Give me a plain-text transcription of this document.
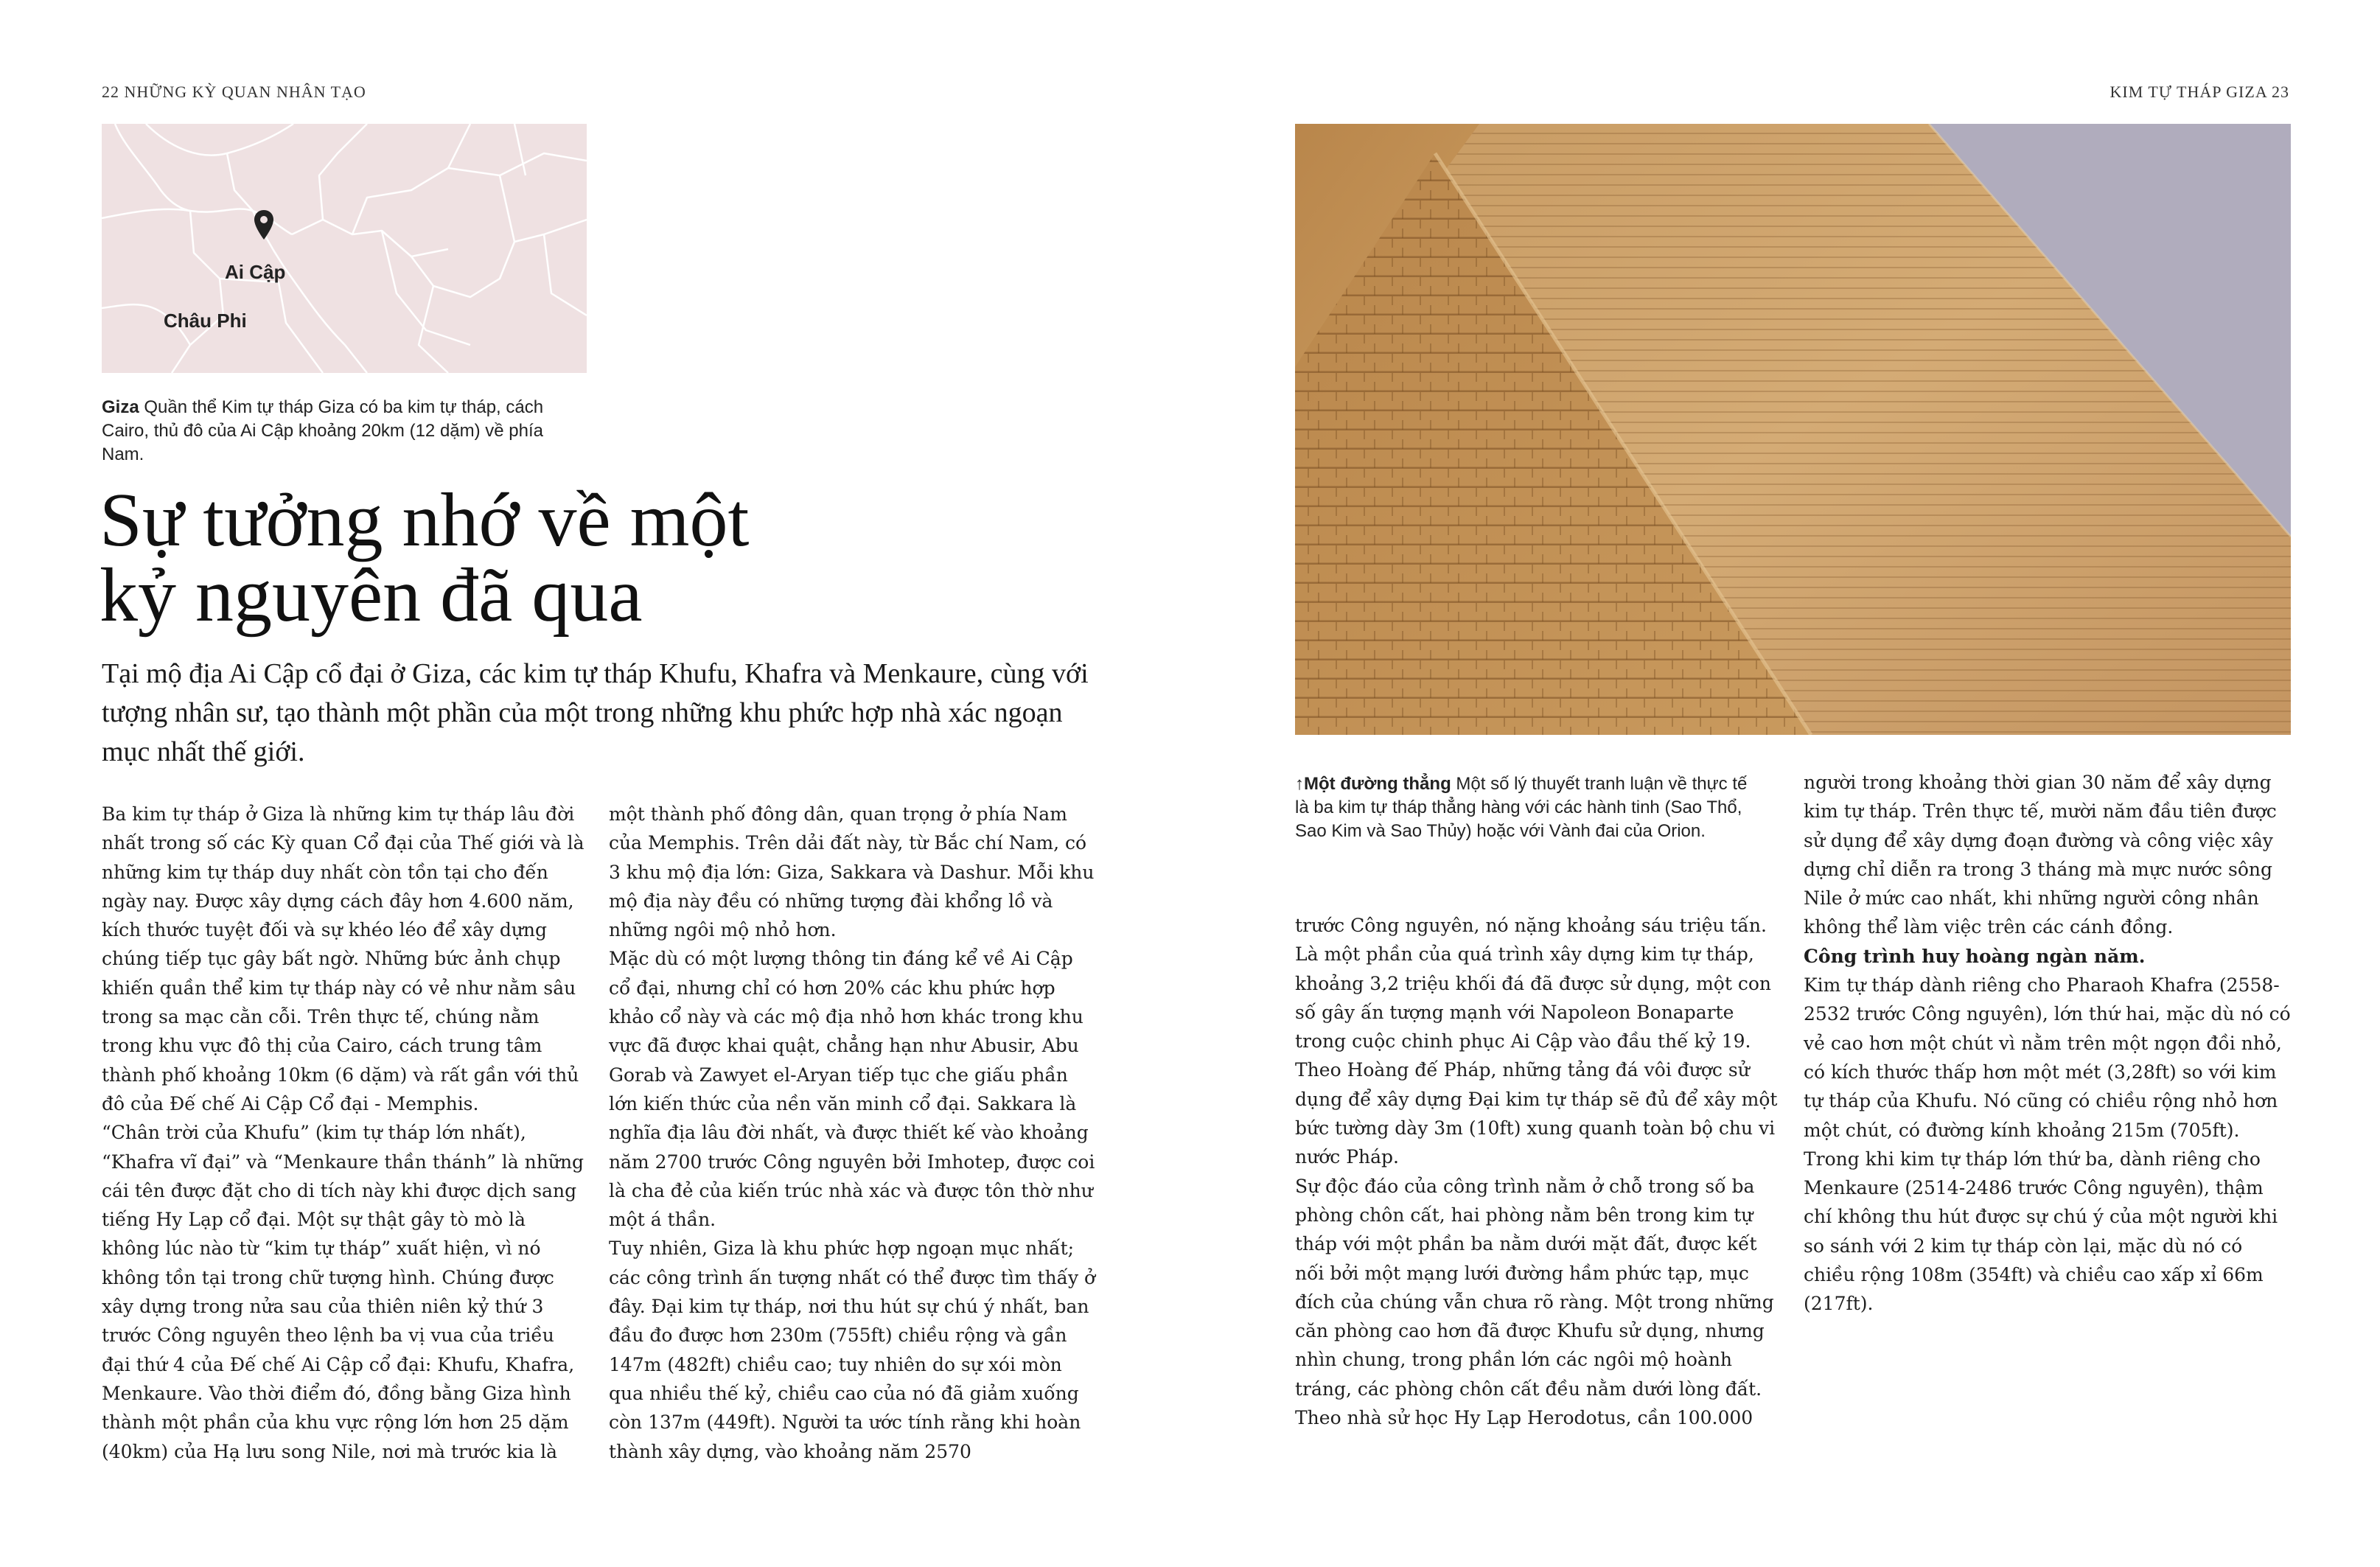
22 NHỮNG KỲ QUAN NHÂN TẠO	KIM TỰ THÁP GIZA 23
Ai Cập
Châu Phi
Giza Quần thể Kim tự tháp Giza có ba kim tự tháp, cách Cairo, thủ đô của Ai Cập khoảng 20km (12 dặm) về phía Nam.
Sự tưởng nhớ về một
kỷ nguyên đã qua

Tại mộ địa Ai Cập cổ đại ở Giza, các kim tự tháp Khufu, Khafra và Menkaure, cùng với tượng nhân sư, tạo thành một phần của một trong những khu phức hợp nhà xác ngoạn mục nhất thế giới.

Ba kim tự tháp ở Giza là những kim tự tháp lâu đời nhất trong số các Kỳ quan Cổ đại của Thế giới và là những kim tự tháp duy nhất còn tồn tại cho đến ngày nay. Được xây dựng cách đây hơn 4.600 năm, kích thước tuyệt đối và sự khéo léo để xây dựng chúng tiếp tục gây bất ngờ. Những bức ảnh chụp khiến quần thể kim tự tháp này có vẻ như nằm sâu trong sa mạc cằn cỗi. Trên thực tế, chúng nằm trong khu vực đô thị của Cairo, cách trung tâm thành phố khoảng 10km (6 dặm) và rất gần với thủ đô của Đế chế Ai Cập Cổ đại - Memphis.

“Chân trời của Khufu” (kim tự tháp lớn nhất), “Khafra vĩ đại” và “Menkaure thần thánh” là những cái tên được đặt cho di tích này khi được dịch sang tiếng Hy Lạp cổ đại. Một sự thật gây tò mò là không lúc nào từ “kim tự tháp” xuất hiện, vì nó không tồn tại trong chữ tượng hình. Chúng được xây dựng trong nửa sau của thiên niên kỷ thứ 3 trước Công nguyên theo lệnh ba vị vua của triều đại thứ 4 của Đế chế Ai Cập cổ đại: Khufu, Khafra, Menkaure. Vào thời điểm đó, đồng bằng Giza hình thành một phần của khu vực rộng lớn hơn 25 dặm (40km) của Hạ lưu song Nile, nơi mà trước kia là

một thành phố đông dân, quan trọng ở phía Nam của Memphis. Trên dải đất này, từ Bắc chí Nam, có 3 khu mộ địa lớn: Giza, Sakkara và Dashur. Mỗi khu mộ địa này đều có những tượng đài khổng lồ và những ngôi mộ nhỏ hơn.

Mặc dù có một lượng thông tin đáng kể về Ai Cập cổ đại, nhưng chỉ có hơn 20% các khu phức hợp khảo cổ này và các mộ địa nhỏ hơn khác trong khu vực đã được khai quật, chẳng hạn như Abusir, Abu Gorab và Zawyet el-Aryan tiếp tục che giấu phần lớn kiến thức của nền văn minh cổ đại. Sakkara là nghĩa địa lâu đời nhất, và được thiết kế vào khoảng năm 2700 trước Công nguyên bởi Imhotep, được coi là cha đẻ của kiến trúc nhà xác và được tôn thờ như một á thần.

Tuy nhiên, Giza là khu phức hợp ngoạn mục nhất; các công trình ấn tượng nhất có thể được tìm thấy ở đây. Đại kim tự tháp, nơi thu hút sự chú ý nhất, ban đầu đo được hơn 230m (755ft) chiều rộng và gần 147m (482ft) chiều cao; tuy nhiên do sự xói mòn qua nhiều thế kỷ, chiều cao của nó đã giảm xuống còn 137m (449ft). Người ta ước tính rằng khi hoàn thành xây dựng, vào khoảng năm 2570

↑Một đường thẳng Một số lý thuyết tranh luận về thực tế là ba kim tự tháp thẳng hàng với các hành tinh (Sao Thổ, Sao Kim và Sao Thủy) hoặc với Vành đai của Orion.

trước Công nguyên, nó nặng khoảng sáu triệu tấn. Là một phần của quá trình xây dựng kim tự tháp, khoảng 3,2 triệu khối đá đã được sử dụng, một con số gây ấn tượng mạnh với Napoleon Bonaparte trong cuộc chinh phục Ai Cập vào đầu thế kỷ 19. Theo Hoàng đế Pháp, những tảng đá vôi được sử dụng để xây dựng Đại kim tự tháp sẽ đủ để xây một bức tường dày 3m (10ft) xung quanh toàn bộ chu vi nước Pháp.

Sự độc đáo của công trình nằm ở chỗ trong số ba phòng chôn cất, hai phòng nằm bên trong kim tự tháp với một phần ba nằm dưới mặt đất, được kết nối bởi một mạng lưới đường hầm phức tạp, mục đích của chúng vẫn chưa rõ ràng. Một trong những căn phòng cao hơn đã được Khufu sử dụng, nhưng nhìn chung, trong phần lớn các ngôi mộ hoành tráng, các phòng chôn cất đều nằm dưới lòng đất. Theo nhà sử học Hy Lạp Herodotus, cần 100.000

người trong khoảng thời gian 30 năm để xây dựng kim tự tháp. Trên thực tế, mười năm đầu tiên được sử dụng để xây dựng đoạn đường và công việc xây dựng chỉ diễn ra trong 3 tháng mà mực nước sông Nile ở mức cao nhất, khi những người công nhân không thể làm việc trên các cánh đồng.

Công trình huy hoàng ngàn năm.

Kim tự tháp dành riêng cho Pharaoh Khafra (2558-2532 trước Công nguyên), lớn thứ hai, mặc dù nó có vẻ cao hơn một chút vì nằm trên một ngọn đồi nhỏ, có kích thước thấp hơn một mét (3,28ft) so với kim tự tháp của Khufu. Nó cũng có chiều rộng nhỏ hơn một chút, có đường kính khoảng 215m (705ft). Trong khi kim tự tháp lớn thứ ba, dành riêng cho Menkaure (2514-2486 trước Công nguyên), thậm chí không thu hút được sự chú ý của một người khi so sánh với 2 kim tự tháp còn lại, mặc dù nó có chiều rộng 108m (354ft) và chiều cao xấp xỉ 66m (217ft).
